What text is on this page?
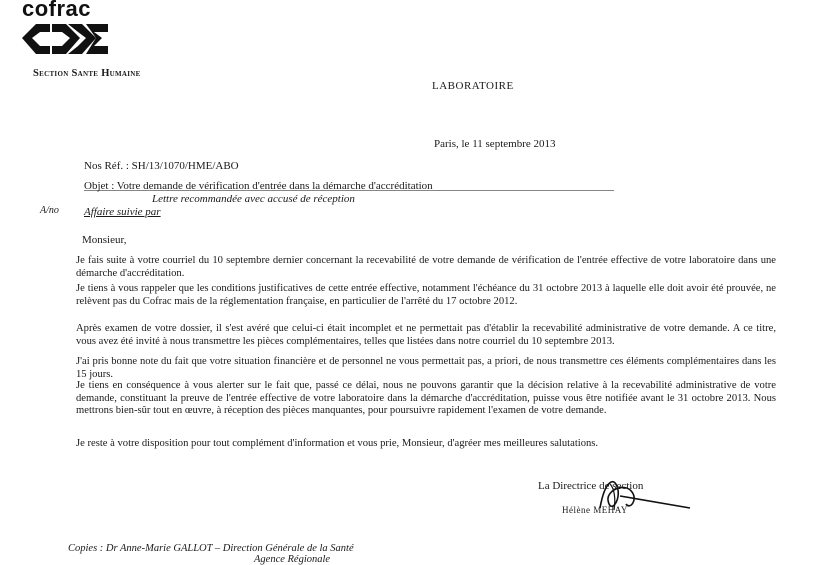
cofrac
Section Sante Humaine
LABORATOIRE
Paris, le 11 septembre 2013
Nos Réf. : SH/13/1070/HME/ABO
Objet : Votre demande de vérification d'entrée dans la démarche d'accréditation
Lettre recommandée avec accusé de réception
A/no Affaire suivie par
Monsieur,
Je fais suite à votre courriel du 10 septembre dernier concernant la recevabilité de votre demande de vérification de l'entrée effective de votre laboratoire dans une démarche d'accréditation.
Je tiens à vous rappeler que les conditions justificatives de cette entrée effective, notamment l'échéance du 31 octobre 2013 à laquelle elle doit avoir été prouvée, ne relèvent pas du Cofrac mais de la réglementation française, en particulier de l'arrêté du 17 octobre 2012.
Après examen de votre dossier, il s'est avéré que celui-ci était incomplet et ne permettait pas d'établir la recevabilité administrative de votre demande. A ce titre, vous avez été invité à nous transmettre les pièces complémentaires, telles que listées dans notre courriel du 10 septembre 2013.
J'ai pris bonne note du fait que votre situation financière et de personnel ne vous permettait pas, a priori, de nous transmettre ces éléments complémentaires dans les 15 jours.
Je tiens en conséquence à vous alerter sur le fait que, passé ce délai, nous ne pouvons garantir que la décision relative à la recevabilité administrative de votre demande, constituant la preuve de l'entrée effective de votre laboratoire dans la démarche d'accréditation, puisse vous être notifiée avant le 31 octobre 2013. Nous mettrons bien-sûr tout en œuvre, à réception des pièces manquantes, pour poursuivre rapidement l'examen de votre demande.
Je reste à votre disposition pour tout complément d'information et vous prie, Monsieur, d'agréer mes meilleures salutations.
La Directrice de section
Hélène MEHAY
Copies : Dr Anne-Marie GALLOT – Direction Générale de la Santé
Agence Régionale
